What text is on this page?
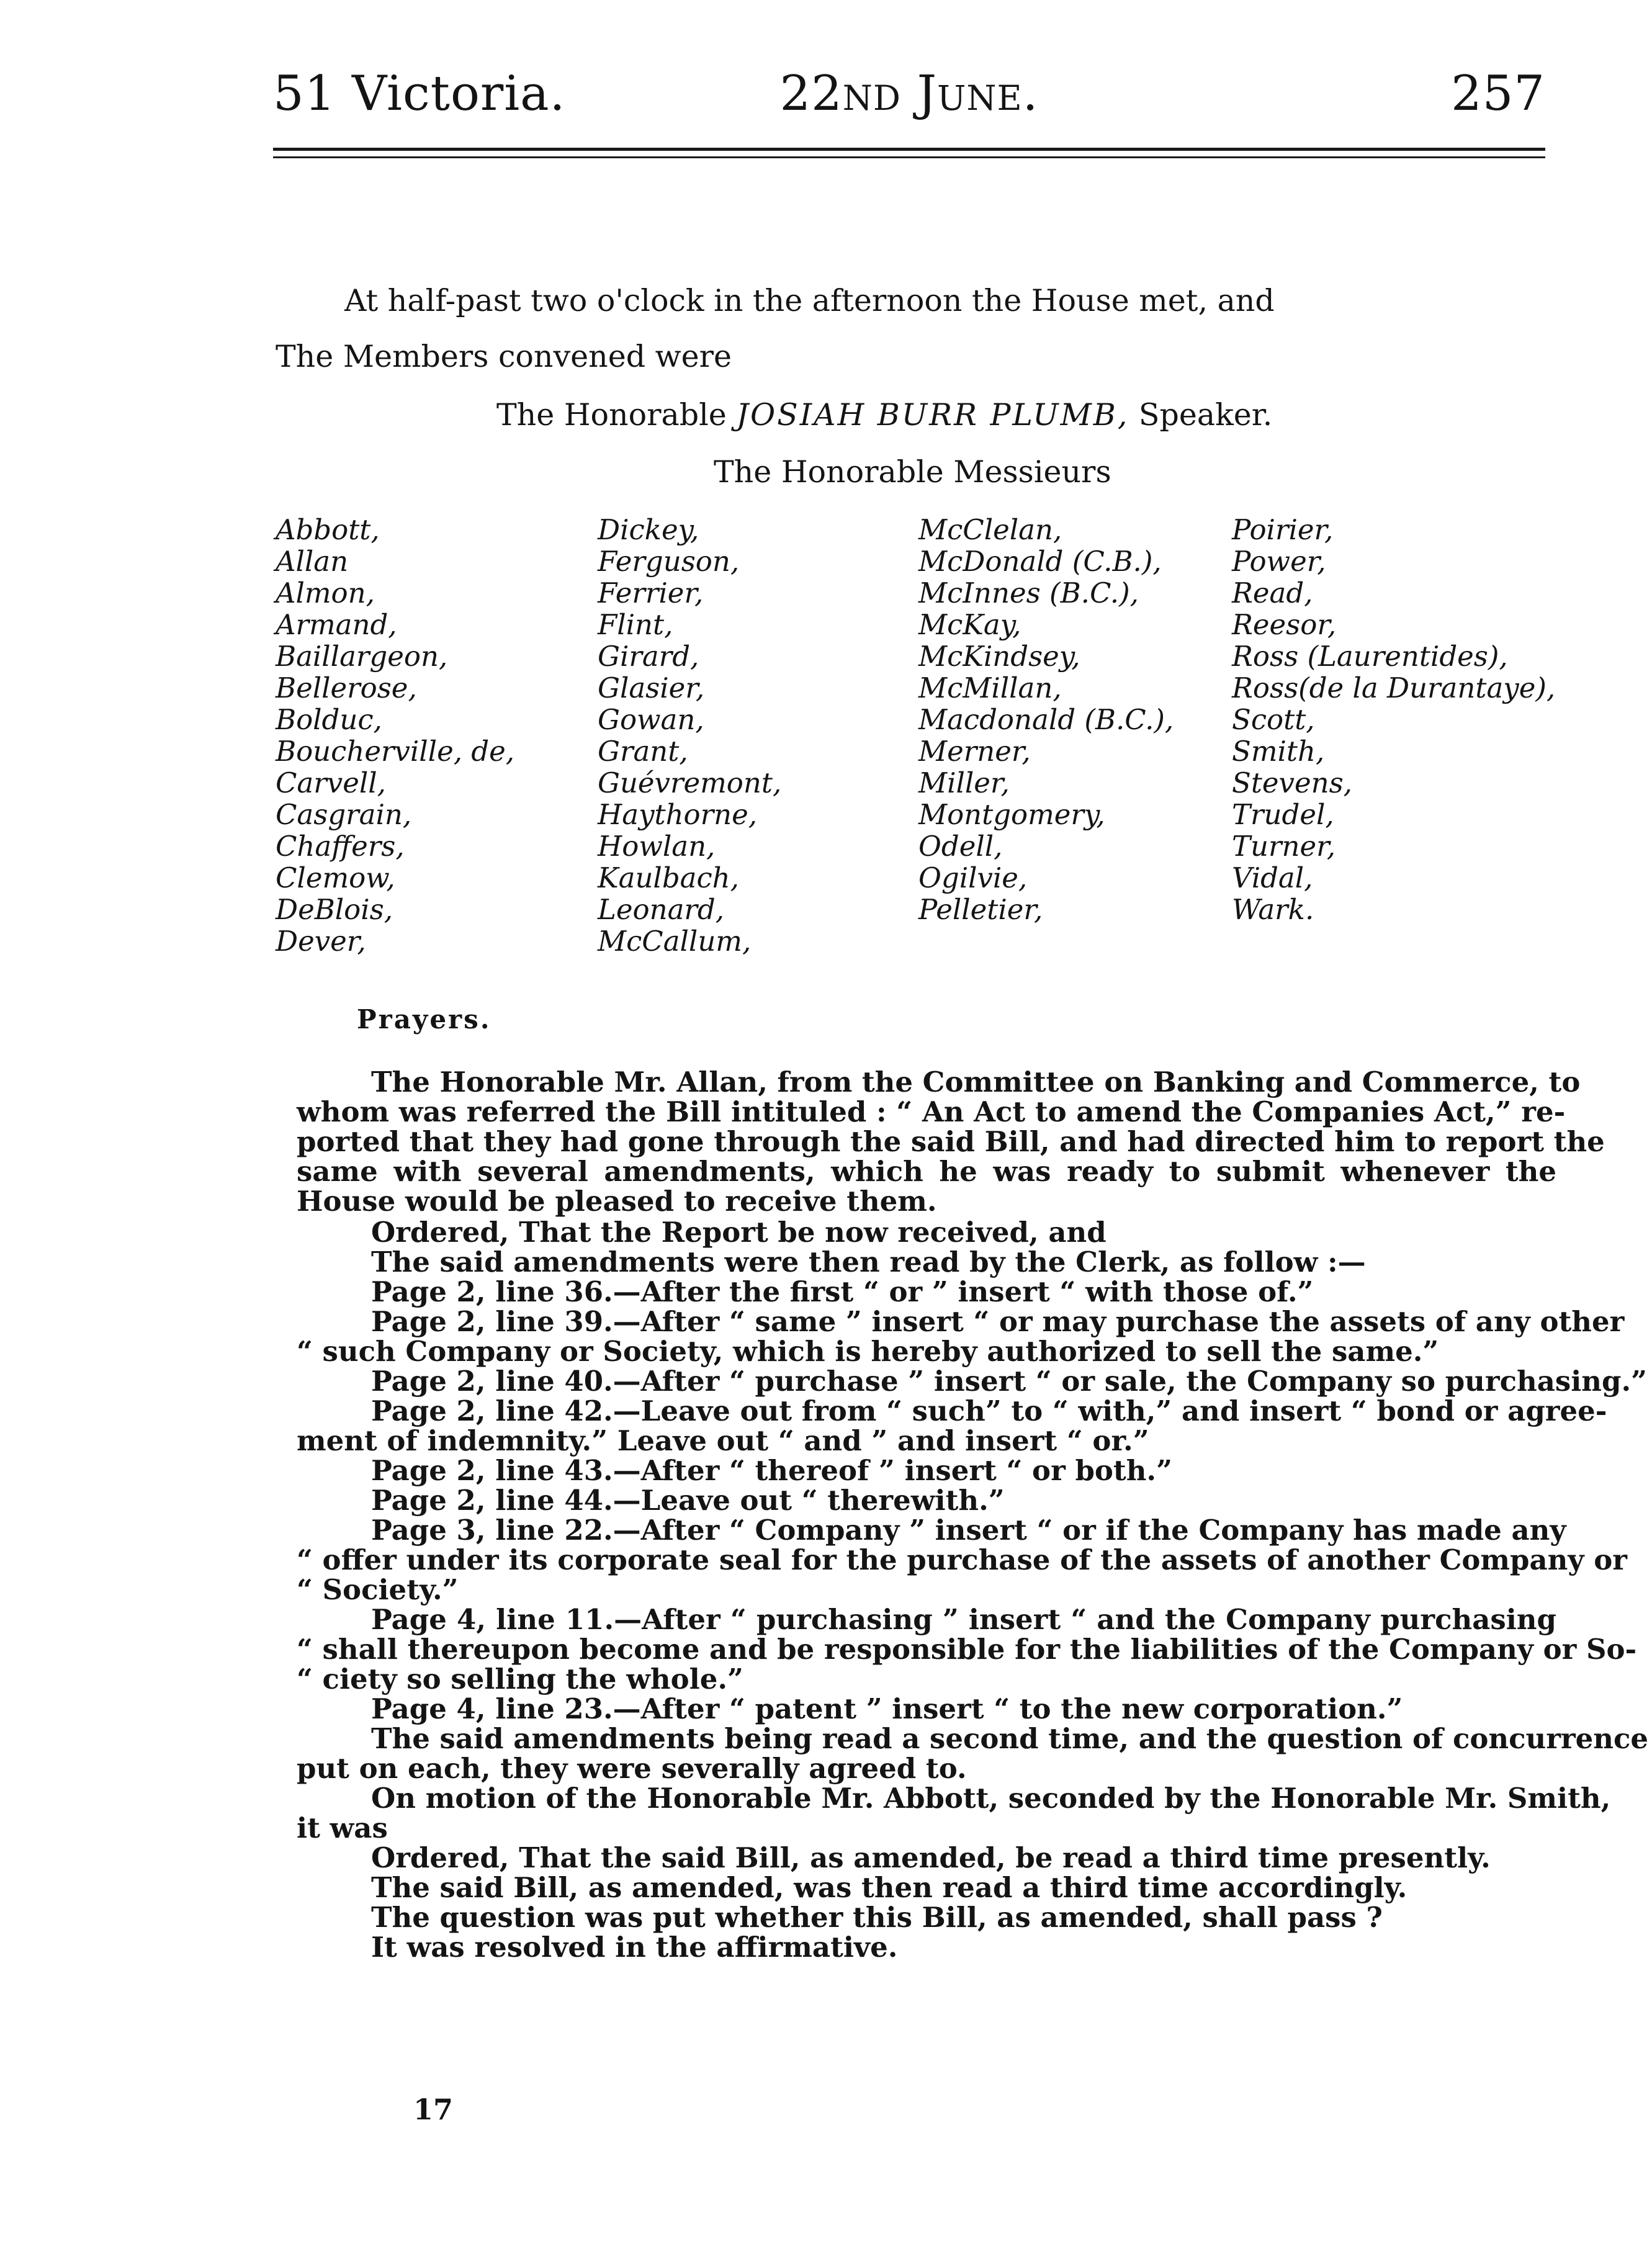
51 Victoria.	22nd June.	257
At half-past two o'clock in the afternoon the House met, and
The Members convened were
The Honorable JOSIAH BURR PLUMB, Speaker.
The Honorable Messieurs
Abbott,
Allan
Almon,
Armand,
Baillargeon,
Bellerose,
Bolduc,
Boucherville, de,
Carvell,
Casgrain,
Chaffers,
Clemow,
DeBlois,
Dever,
Dickey,
Ferguson,
Ferrier,
Flint,
Girard,
Glasier,
Gowan,
Grant,
Guévremont,
Haythorne,
Howlan,
Kaulbach,
Leonard,
McCallum,
McClelan,
McDonald (C.B.),
McInnes (B.C.),
McKay,
McKindsey,
McMillan,
Macdonald (B.C.),
Merner,
Miller,
Montgomery,
Odell,
Ogilvie,
Pelletier,
Poirier,
Power,
Read,
Reesor,
Ross (Laurentides),
Ross(de la Durantaye),
Scott,
Smith,
Stevens,
Trudel,
Turner,
Vidal,
Wark.
Prayers.
The Honorable Mr. Allan, from the Committee on Banking and Commerce, to
whom was referred the Bill intituled : “ An Act to amend the Companies Act,” re-
ported that they had gone through the said Bill, and had directed him to report the
same with several amendments, which he was ready to submit whenever the
House would be pleased to receive them.
Ordered, That the Report be now received, and
The said amendments were then read by the Clerk, as follow :—
Page 2, line 36.—After the first “ or ” insert “ with those of.”
Page 2, line 39.—After “ same ” insert “ or may purchase the assets of any other
“ such Company or Society, which is hereby authorized to sell the same.”
Page 2, line 40.—After “ purchase ” insert “ or sale, the Company so purchasing.”
Page 2, line 42.—Leave out from “ such” to “ with,” and insert “ bond or agree-
ment of indemnity.” Leave out “ and ” and insert “ or.”
Page 2, line 43.—After “ thereof ” insert “ or both.”
Page 2, line 44.—Leave out “ therewith.”
Page 3, line 22.—After “ Company ” insert “ or if the Company has made any
“ offer under its corporate seal for the purchase of the assets of another Company or
“ Society.”
Page 4, line 11.—After “ purchasing ” insert “ and the Company purchasing
“ shall thereupon become and be responsible for the liabilities of the Company or So-
“ ciety so selling the whole.”
Page 4, line 23.—After “ patent ” insert “ to the new corporation.”
The said amendments being read a second time, and the question of concurrence
put on each, they were severally agreed to.
On motion of the Honorable Mr. Abbott, seconded by the Honorable Mr. Smith,
it was
Ordered, That the said Bill, as amended, be read a third time presently.
The said Bill, as amended, was then read a third time accordingly.
The question was put whether this Bill, as amended, shall pass ?
It was resolved in the affirmative.
17
